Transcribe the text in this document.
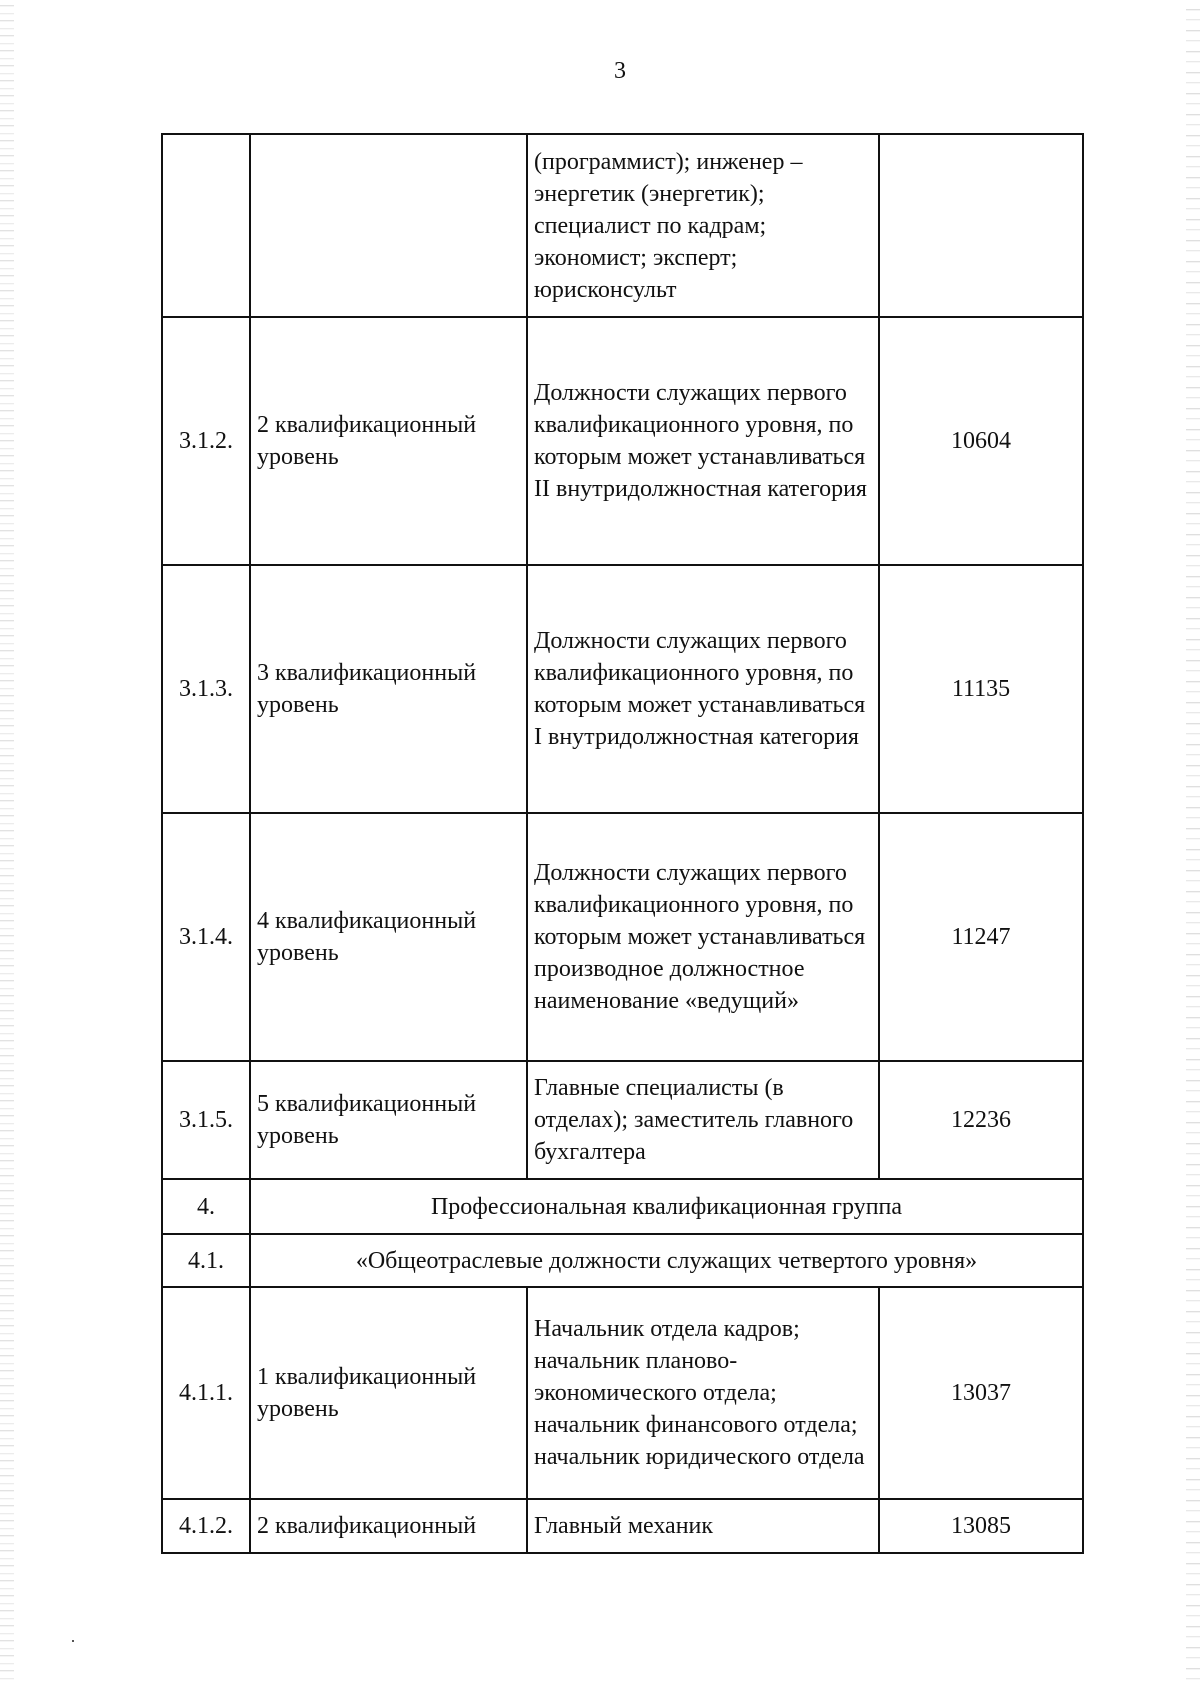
3
		(программист); инженер – энергетик (энергетик); специалист по кадрам; экономист; эксперт; юрисконсульт	
3.1.2.	2 квалификационный уровень	Должности служащих первого квалификационного уровня, по которым может устанавливаться II внутридолжностная категория	10604
3.1.3.	3 квалификационный уровень	Должности служащих первого квалификационного уровня, по которым может устанавливаться I внутридолжностная категория	11135
3.1.4.	4 квалификационный уровень	Должности служащих первого квалификационного уровня, по которым может устанавливаться производное должностное наименование «ведущий»	11247
3.1.5.	5 квалификационный уровень	Главные специалисты (в отделах); заместитель главного бухгалтера	12236
4.	Профессиональная квалификационная группа		
4.1.	«Общеотраслевые должности служащих четвертого уровня»		
4.1.1.	1 квалификационный уровень	Начальник отдела кадров; начальник планово-экономического отдела; начальник финансового отдела; начальник юридического отдела	13037
4.1.2.	2 квалификационный	Главный механик	13085
